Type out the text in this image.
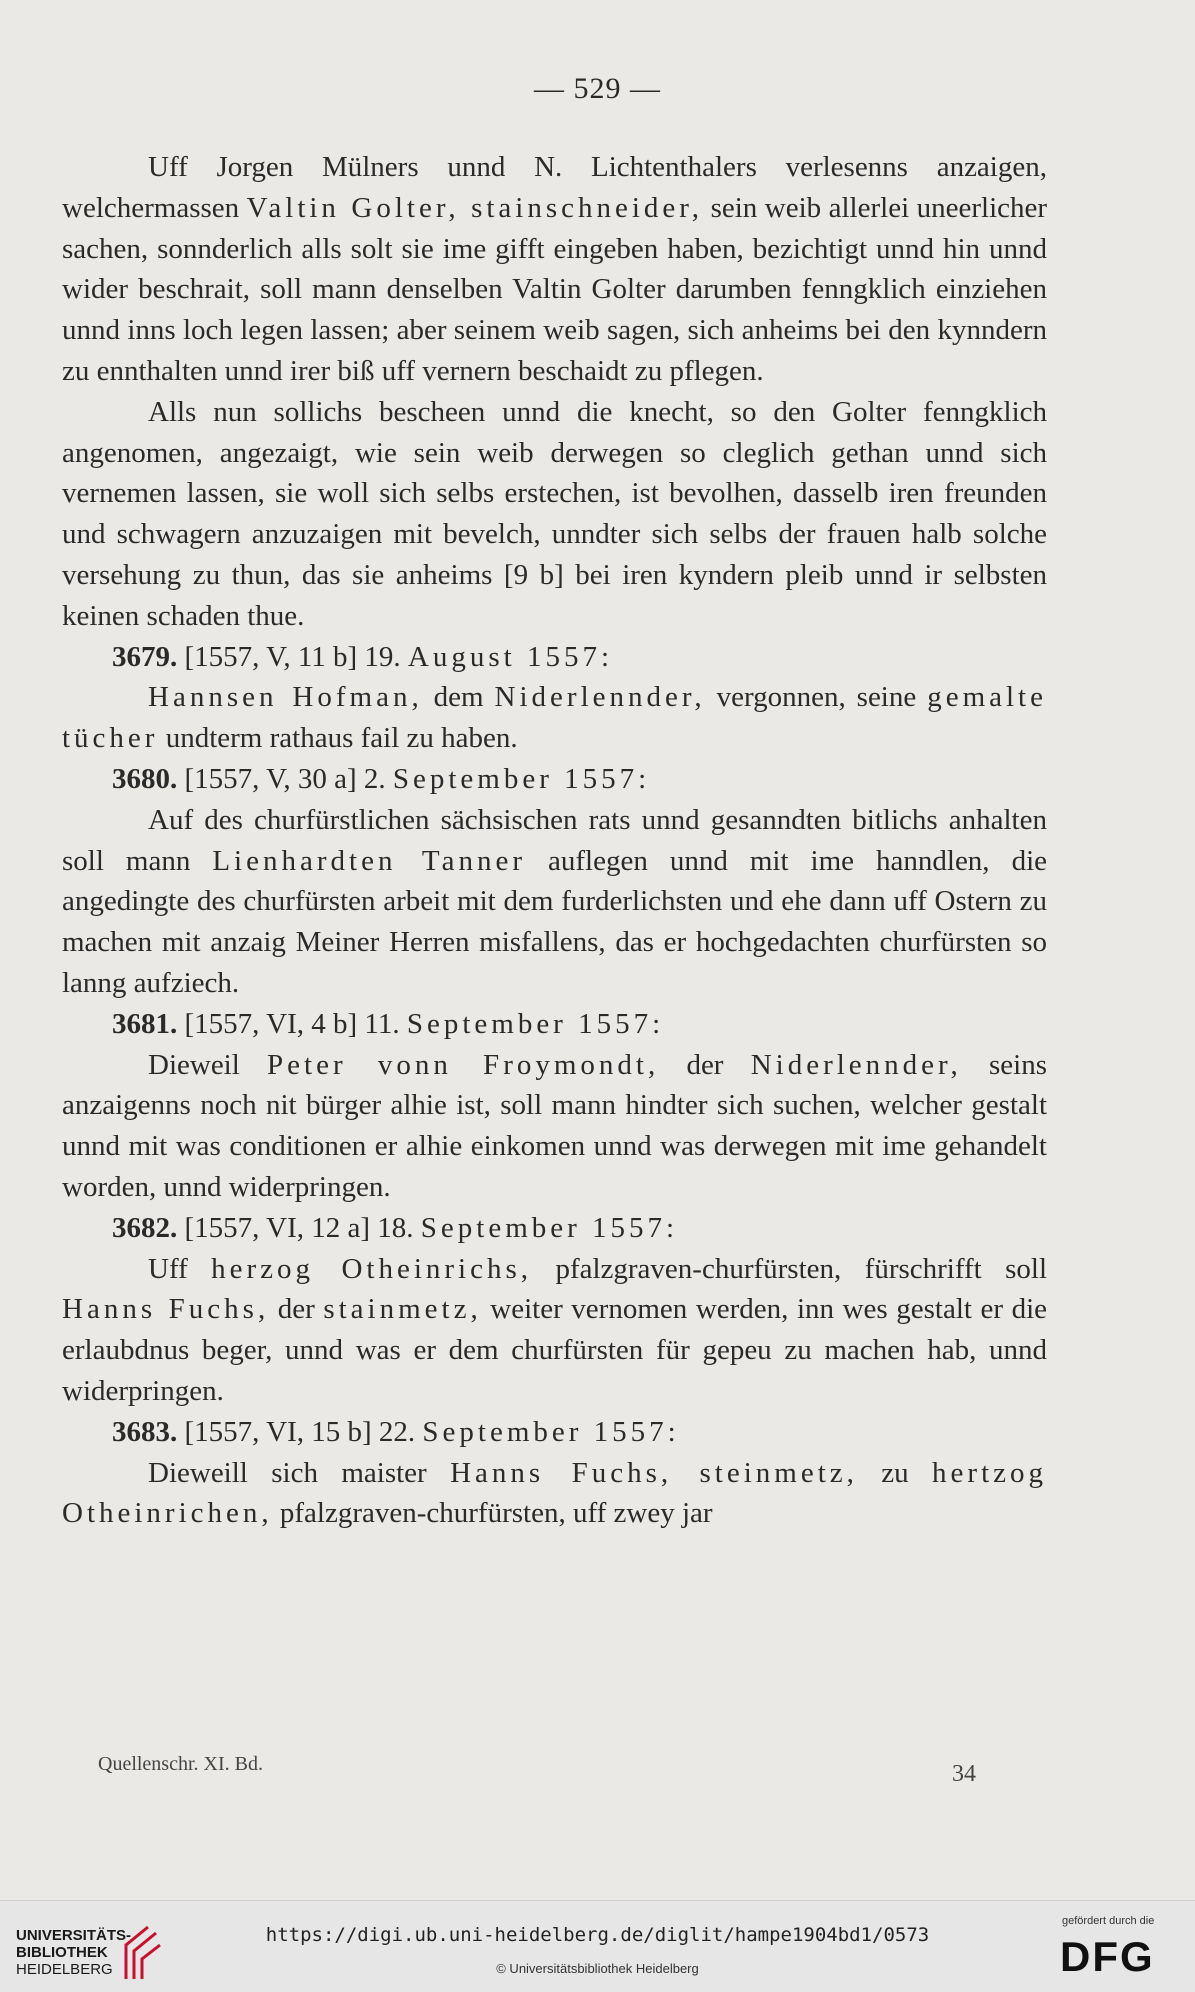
— 529 —

Uff Jorgen Mülners unnd N. Lichtenthalers verlesenns anzaigen, welchermassen Valtin Golter, stainschneider, sein weib allerlei uneerlicher sachen, sonnderlich alls solt sie ime gifft eingeben haben, bezichtigt unnd hin unnd wider beschrait, soll mann denselben Valtin Golter darumben fenngklich einziehen unnd inns loch legen lassen; aber seinem weib sagen, sich anheims bei den kynndern zu ennthalten unnd irer biß uff vernern beschaidt zu pflegen.

Alls nun sollichs bescheen unnd die knecht, so den Golter fenngklich angenomen, angezaigt, wie sein weib derwegen so cleglich gethan unnd sich vernemen lassen, sie woll sich selbs erstechen, ist bevolhen, dasselb iren freunden und schwagern anzuzaigen mit bevelch, unndter sich selbs der frauen halb solche versehung zu thun, das sie anheims [9 b] bei iren kyndern pleib unnd ir selbsten keinen schaden thue.

3679. [1557, V, 11 b] 19. August 1557:

Hannsen Hofman, dem Niderlennder, vergonnen, seine gemalte tücher undterm rathaus fail zu haben.

3680. [1557, V, 30 a] 2. September 1557:

Auf des churfürstlichen sächsischen rats unnd gesanndten bitlichs anhalten soll mann Lienhardten Tanner auflegen unnd mit ime hanndlen, die angedingte des churfürsten arbeit mit dem furderlichsten und ehe dann uff Ostern zu machen mit anzaig Meiner Herren misfallens, das er hochgedachten churfürsten so lanng aufziech.

3681. [1557, VI, 4 b] 11. September 1557:

Dieweil Peter vonn Froymondt, der Niderlennder, seins anzaigenns noch nit bürger alhie ist, soll mann hindter sich suchen, welcher gestalt unnd mit was conditionen er alhie einkomen unnd was derwegen mit ime gehandelt worden, unnd widerpringen.

3682. [1557, VI, 12 a] 18. September 1557:

Uff herzog Otheinrichs, pfalzgraven-churfürsten, fürschrifft soll Hanns Fuchs, der stainmetz, weiter vernomen werden, inn wes gestalt er die erlaubdnus beger, unnd was er dem churfürsten für gepeu zu machen hab, unnd widerpringen.

3683. [1557, VI, 15 b] 22. September 1557:

Dieweill sich maister Hanns Fuchs, steinmetz, zu hertzog Otheinrichen, pfalzgraven-churfürsten, uff zwey jar

Quellenschr. XI. Bd.	34
UNIVERSITÄTS-
BIBLIOTHEK
HEIDELBERG
https://digi.ub.uni-heidelberg.de/diglit/hampe1904bd1/0573
© Universitätsbibliothek Heidelberg
gefördert durch die
DFG
